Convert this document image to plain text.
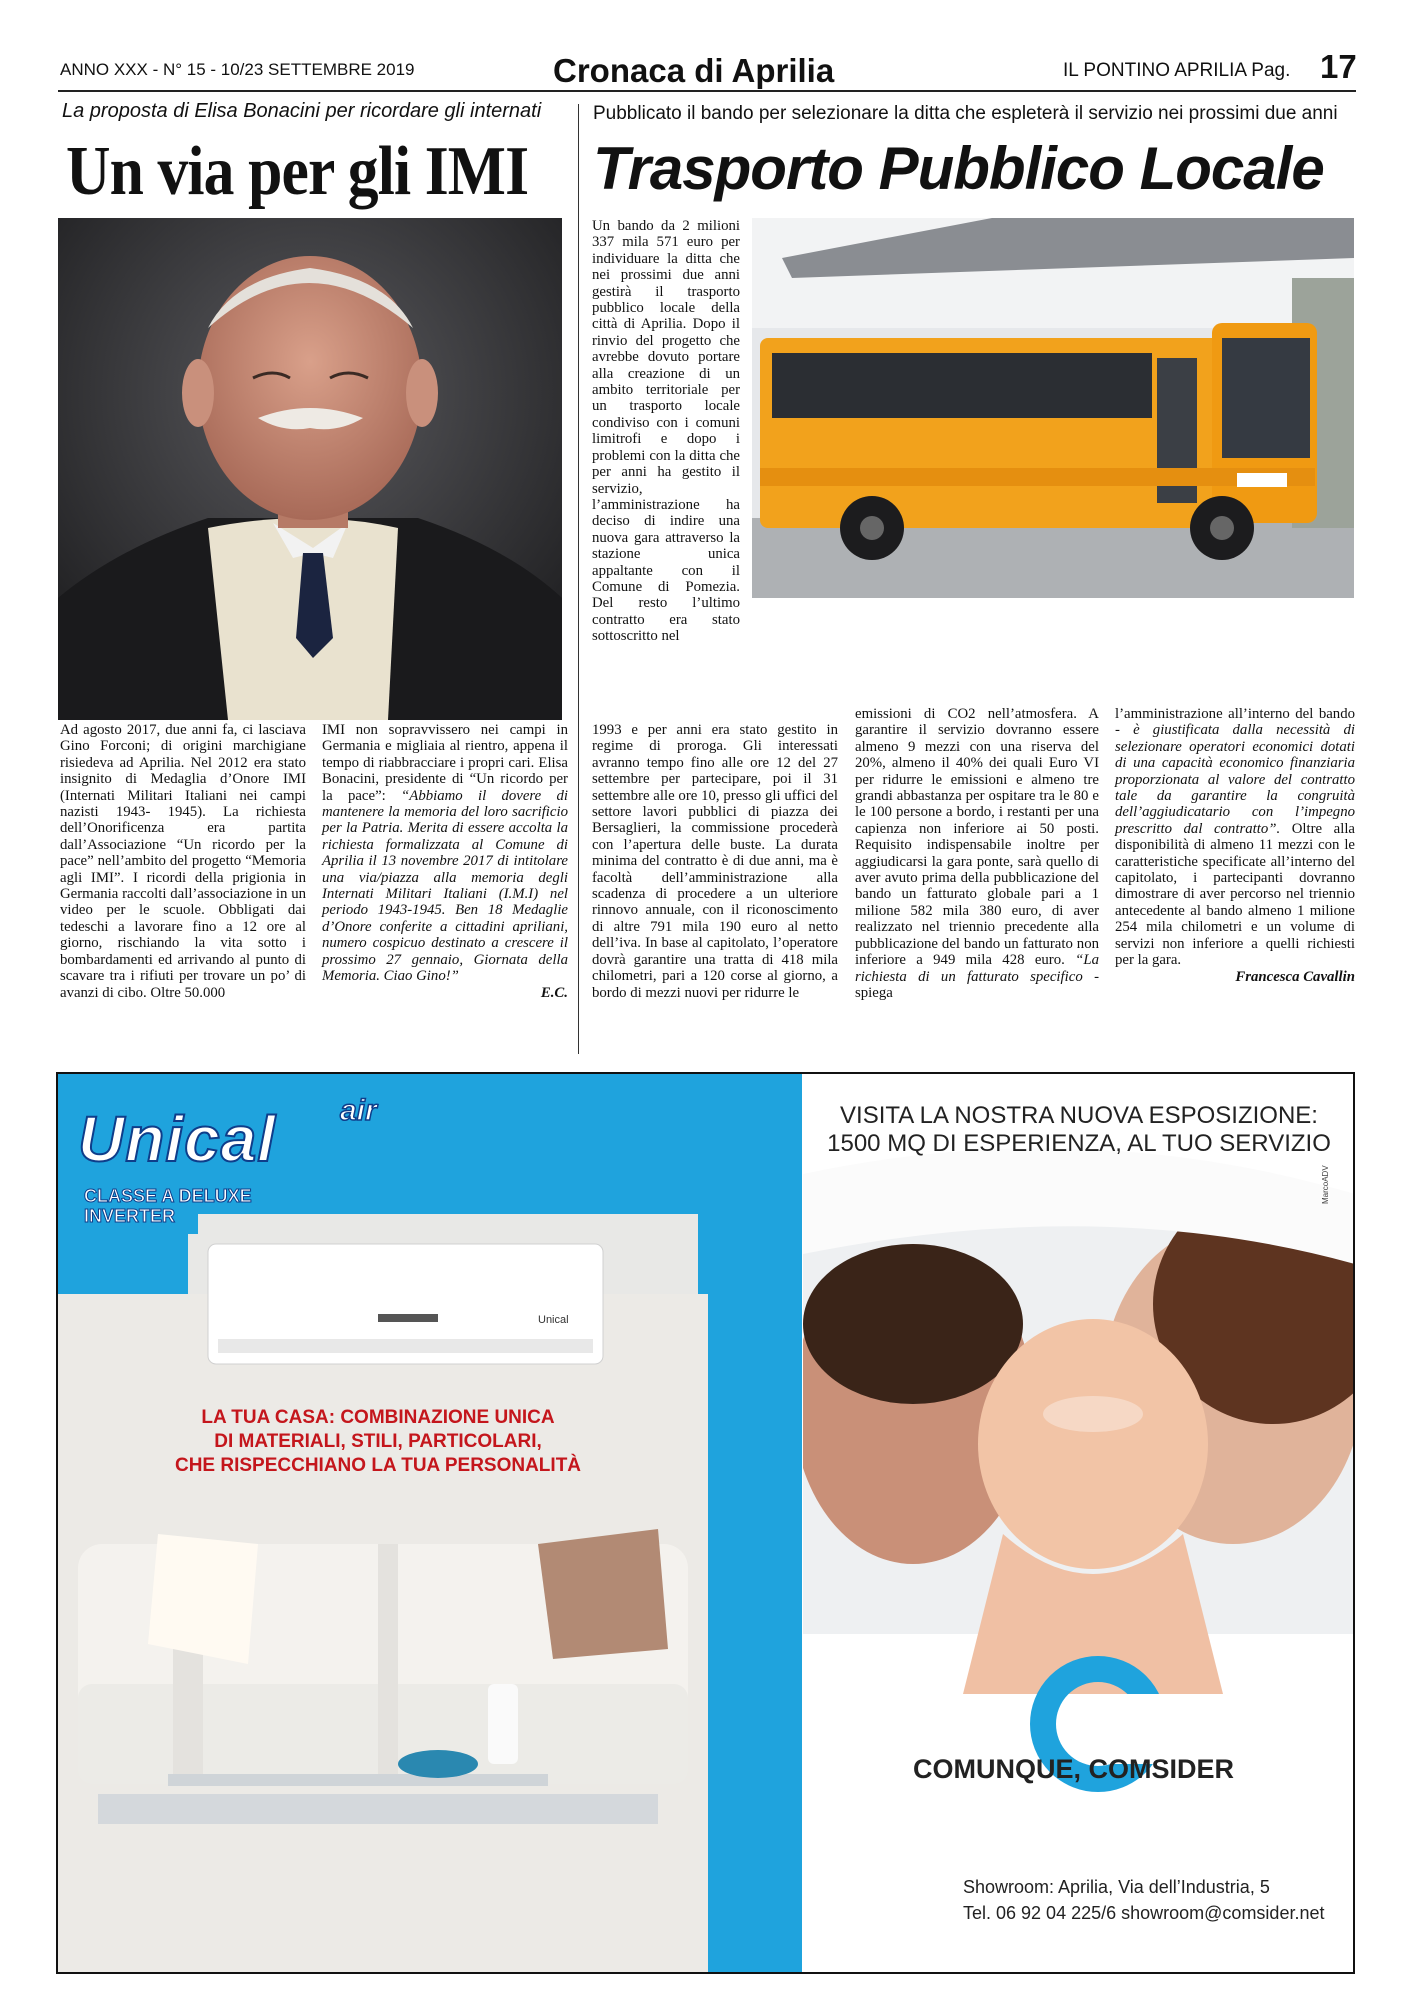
ANNO XXX - N° 15 - 10/23 SETTEMBRE 2019	Cronaca di Aprilia	IL PONTINO APRILIA Pag. 17
La proposta di Elisa Bonacini per ricordare gli internati
Un via per gli IMI
Ad agosto 2017, due anni fa, ci lasciava Gino Forconi; di origini marchigiane risiedeva ad Aprilia. Nel 2012 era stato insignito di Medaglia d’Onore IMI (Internati Militari Italiani nei campi nazisti 1943- 1945). La richiesta dell’Onorificenza era partita dall’Associazione “Un ricordo per la pace” nell’ambito del progetto “Memoria agli IMI”. I ricordi della prigionia in Germania raccolti dall’associazione in un video per le scuole. Obbligati dai tedeschi a lavorare fino a 12 ore al giorno, rischiando la vita sotto i bombardamenti ed arrivando al punto di scavare tra i rifiuti per trovare un po’ di avanzi di cibo. Oltre 50.000
IMI non sopravvissero nei campi in Germania e migliaia al rientro, appena il tempo di riabbracciare i propri cari. Elisa Bonacini, presidente di “Un ricordo per la pace”: “Abbiamo il dovere di mantenere la memoria del loro sacrificio per la Patria. Merita di essere accolta la richiesta formalizzata al Comune di Aprilia il 13 novembre 2017 di intitolare una via/piazza alla memoria degli Internati Militari Italiani (I.M.I) nel periodo 1943-1945. Ben 18 Medaglie d’Onore conferite a cittadini apriliani, numero cospicuo destinato a crescere il prossimo 27 gennaio, Giornata della Memoria. Ciao Gino!”
E.C.
Pubblicato il bando per selezionare la ditta che espleterà il servizio nei prossimi due anni
Trasporto Pubblico Locale
Un bando da 2 milioni 337 mila 571 euro per individuare la ditta che nei prossimi due anni gestirà il trasporto pubblico locale della città di Aprilia. Dopo il rinvio del progetto che avrebbe dovuto portare alla creazione di un ambito territoriale per un trasporto locale condiviso con i comuni limitrofi e dopo i problemi con la ditta che per anni ha gestito il servizio, l’amministrazione ha deciso di indire una nuova gara attraverso la stazione unica appaltante con il Comune di Pomezia. Del resto l’ultimo contratto era stato sottoscritto nel
1993 e per anni era stato gestito in regime di proroga. Gli interessati avranno tempo fino alle ore 12 del 27 settembre per partecipare, poi il 31 settembre alle ore 10, presso gli uffici del settore lavori pubblici di piazza dei Bersaglieri, la commissione procederà con l’apertura delle buste. La durata minima del contratto è di due anni, ma è facoltà dell’amministrazione alla scadenza di procedere a un ulteriore rinnovo annuale, con il riconoscimento di altre 791 mila 190 euro al netto dell’iva. In base al capitolato, l’operatore dovrà garantire una tratta di 418 mila chilometri, pari a 120 corse al giorno, a bordo di mezzi nuovi per ridurre le
emissioni di CO2 nell’atmosfera. A garantire il servizio dovranno essere almeno 9 mezzi con una riserva del 20%, almeno il 40% dei quali Euro VI per ridurre le emissioni e almeno tre grandi abbastanza per ospitare tra le 80 e le 100 persone a bordo, i restanti per una capienza non inferiore ai 50 posti. Requisito indispensabile inoltre per aggiudicarsi la gara ponte, sarà quello di aver avuto prima della pubblicazione del bando un fatturato globale pari a 1 milione 582 mila 380 euro, di aver realizzato nel triennio precedente alla pubblicazione del bando un fatturato non inferiore a 949 mila 428 euro. “La richiesta di un fatturato specifico - spiega
l’amministrazione all’interno del bando - è giustificata dalla necessità di selezionare operatori economici dotati di una capacità economico finanziaria proporzionata al valore del contratto tale da garantire la congruità dell’aggiudicatario con l’impegno prescritto dal contratto”. Oltre alla disponibilità di almeno 11 mezzi con le caratteristiche specificate all’interno del capitolato, i partecipanti dovranno dimostrare di aver percorso nel triennio antecedente al bando almeno 1 milione 254 mila chilometri e un volume di servizi non inferiore a quelli richiesti per la gara.
Francesca Cavallin
Unical air
CLASSE A DELUXE
INVERTER
Unical
LA TUA CASA: COMBINAZIONE UNICA
DI MATERIALI, STILI, PARTICOLARI,
CHE RISPECCHIANO LA TUA PERSONALITÀ
VISITA LA NOSTRA NUOVA ESPOSIZIONE:
1500 MQ DI ESPERIENZA, AL TUO SERVIZIO
MarcoADV
COMUNQUE, COMSIDER
Showroom: Aprilia, Via dell’Industria, 5
Tel. 06 92 04 225/6 showroom@comsider.net
